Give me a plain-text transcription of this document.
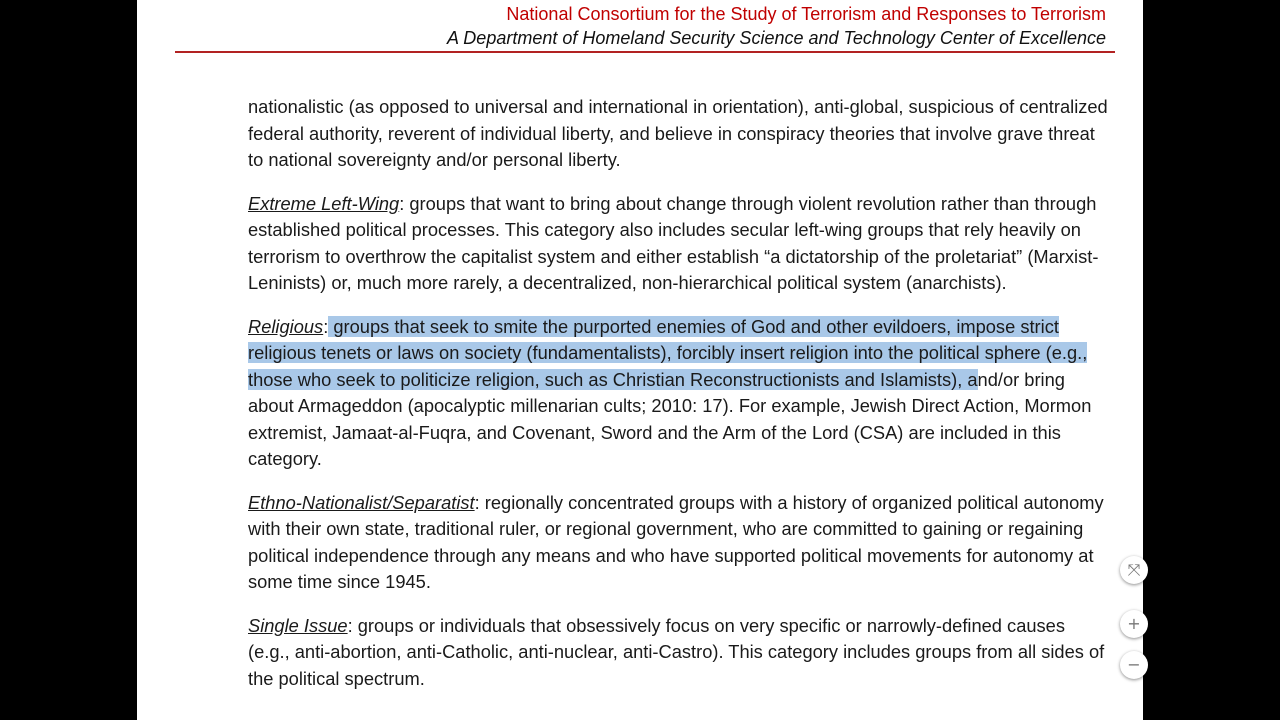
National Consortium for the Study of Terrorism and Responses to Terrorism
A Department of Homeland Security Science and Technology Center of Excellence

nationalistic (as opposed to universal and international in orientation), anti-global, suspicious of centralized federal authority, reverent of individual liberty, and believe in conspiracy theories that involve grave threat to national sovereignty and/or personal liberty.

Extreme Left-Wing: groups that want to bring about change through violent revolution rather than through established political processes. This category also includes secular left-wing groups that rely heavily on terrorism to overthrow the capitalist system and either establish “a dictatorship of the proletariat” (Marxist-Leninists) or, much more rarely, a decentralized, non-hierarchical political system (anarchists).

Religious: groups that seek to smite the purported enemies of God and other evildoers, impose strict religious tenets or laws on society (fundamentalists), forcibly insert religion into the political sphere (e.g., those who seek to politicize religion, such as Christian Reconstructionists and Islamists), and/or bring about Armageddon (apocalyptic millenarian cults; 2010: 17). For example, Jewish Direct Action, Mormon extremist, Jamaat-al-Fuqra, and Covenant, Sword and the Arm of the Lord (CSA) are included in this category.

Ethno-Nationalist/Separatist: regionally concentrated groups with a history of organized political autonomy with their own state, traditional ruler, or regional government, who are committed to gaining or regaining political independence through any means and who have supported political movements for autonomy at some time since 1945.

Single Issue: groups or individuals that obsessively focus on very specific or narrowly-defined causes (e.g., anti-abortion, anti-Catholic, anti-nuclear, anti-Castro). This category includes groups from all sides of the political spectrum.

⤧
+
−
